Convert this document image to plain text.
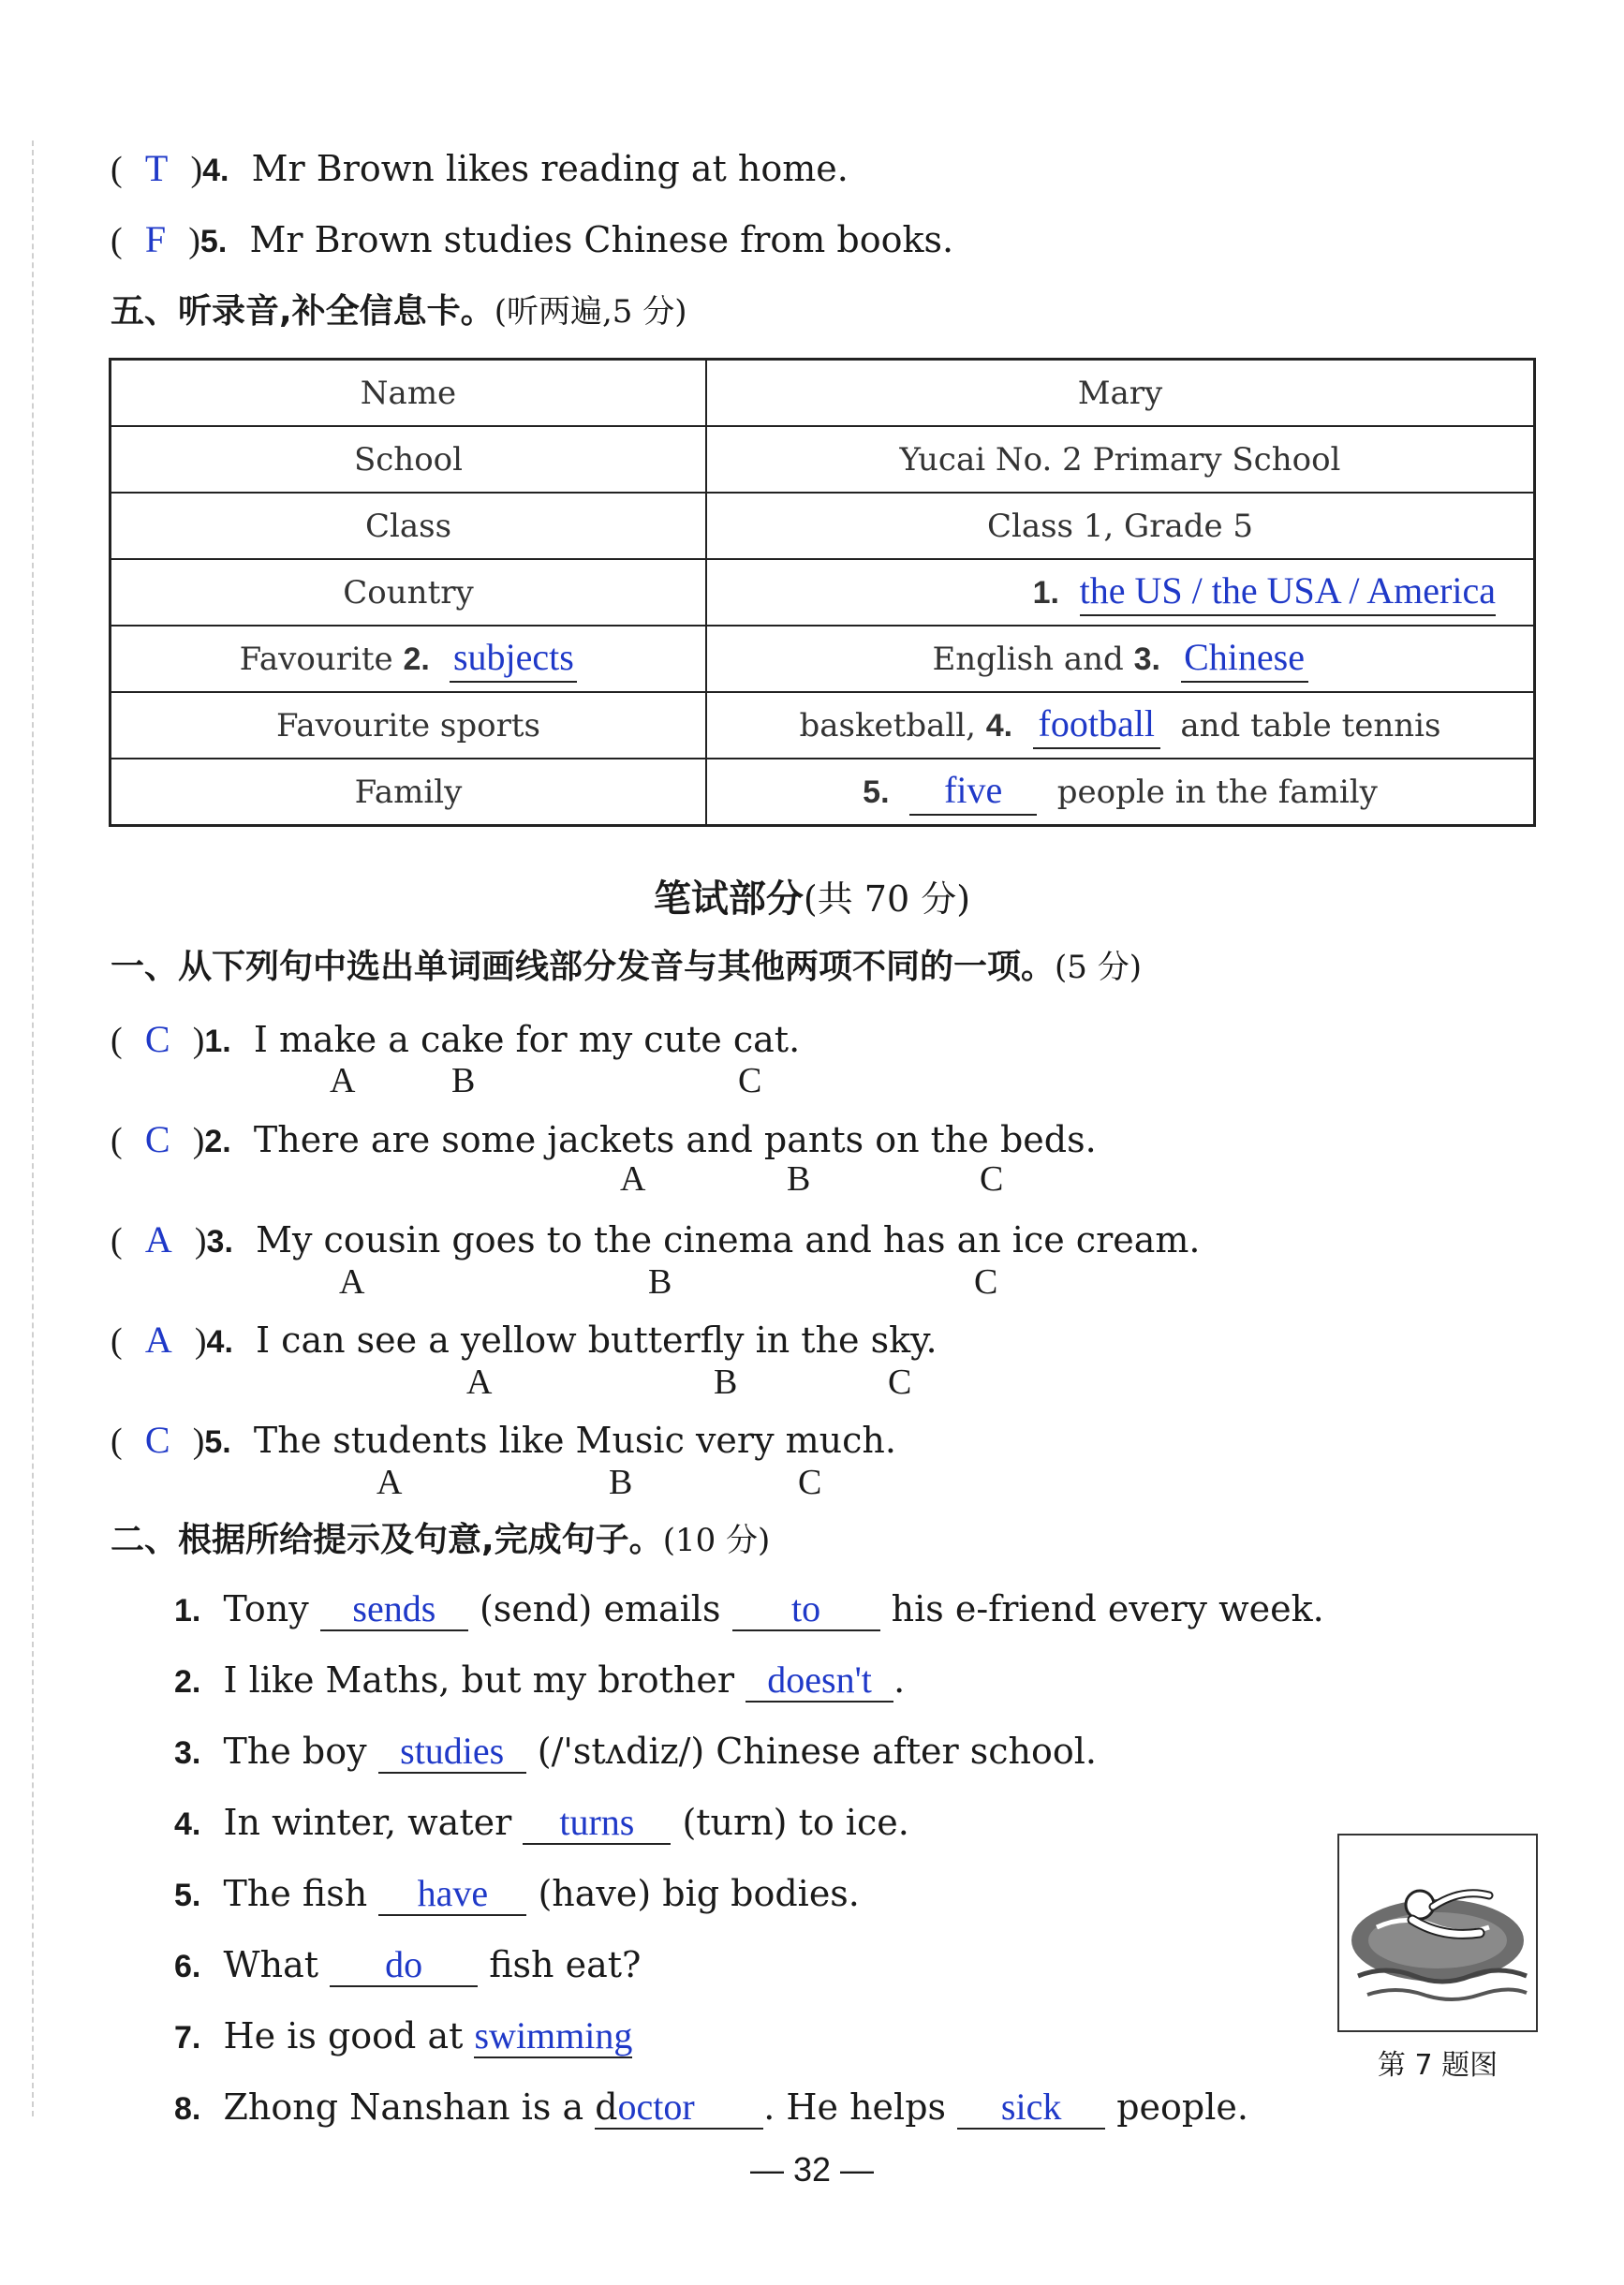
( T )4. Mr Brown likes reading at home.
( F )5. Mr Brown studies Chinese from books.
五、听录音,补全信息卡。(听两遍,5 分)
Name	Mary
School	Yucai No. 2 Primary School
Class	Class 1, Grade 5
Country	1. the US / the USA / America
Favourite 2. subjects	English and 3. Chinese
Favourite sports	basketball, 4. football and table tennis
Family	5. five people in the family
笔试部分(共 70 分)
一、从下列句中选出单词画线部分发音与其他两项不同的一项。(5 分)
( C )1. I make a cake for my cute cat.
A	B	C
( C )2. There are some jackets and pants on the beds.
A	B	C
( A )3. My cousin goes to the cinema and has an ice cream.
A	B	C
( A )4. I can see a yellow butterfly in the sky.
A	B	C
( C )5. The students like Music very much.
A	B	C
二、根据所给提示及句意,完成句子。(10 分)
1. Tony sends (send) emails to his e-friend every week.
2. I like Maths, but my brother doesn't .
3. The boy studies (/'stʌdiz/) Chinese after school.
4. In winter, water turns (turn) to ice.
5. The fish have (have) big bodies.
6. What do fish eat?
7. He is good at swimming
8. Zhong Nanshan is a doctor . He helps sick people.
第 7 题图
— 32 —
